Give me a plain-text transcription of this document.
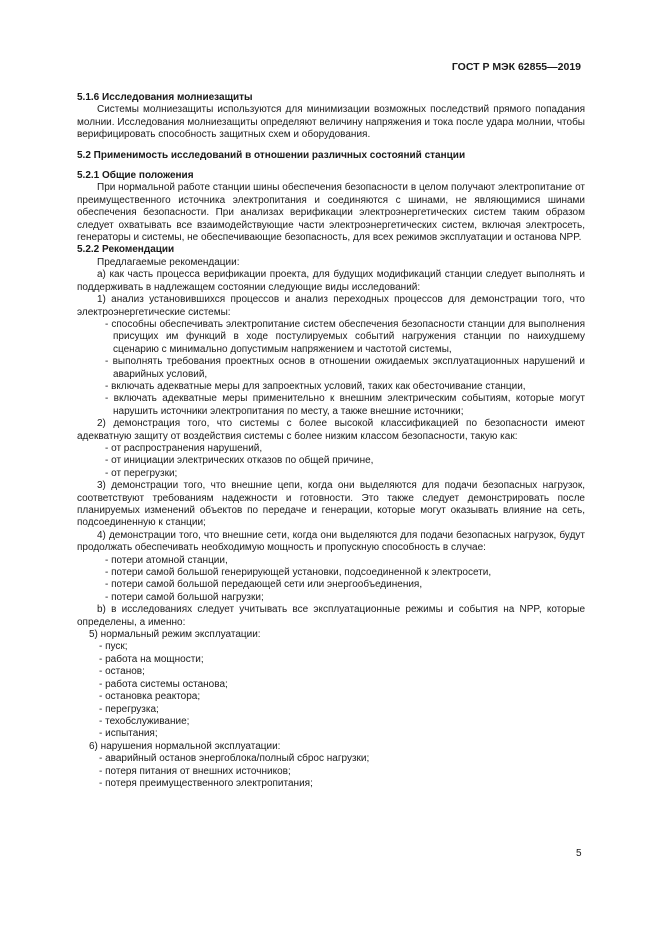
ГОСТ Р МЭК 62855—2019

5.1.6 Исследования молниезащиты

Системы молниезащиты используются для минимизации возможных последствий прямого попадания молнии. Исследования молниезащиты определяют величину напряжения и тока после удара молнии, чтобы верифицировать способность защитных схем и оборудования.

5.2 Применимость исследований в отношении различных состояний станции

5.2.1 Общие положения

При нормальной работе станции шины обеспечения безопасности в целом получают электропитание от преимущественного источника электропитания и соединяются с шинами, не являющимися шинами обеспечения безопасности. При анализах верификации электроэнергетических систем таким образом следует охватывать все взаимодействующие части электроэнергетических систем, включая электросеть, генераторы и системы, не обеспечивающие безопасность, для всех режимов эксплуатации и останова NPP.

5.2.2 Рекомендации

Предлагаемые рекомендации:

а) как часть процесса верификации проекта, для будущих модификаций станции следует выполнять и поддерживать в надлежащем состоянии следующие виды исследований:

1) анализ установившихся процессов и анализ переходных процессов для демонстрации того, что электроэнергетические системы:

- способны обеспечивать электропитание систем обеспечения безопасности станции для выполнения присущих им функций в ходе постулируемых событий нагружения станции по наихудшему сценарию с минимально допустимым напряжением и частотой системы,

- выполнять требования проектных основ в отношении ожидаемых эксплуатационных нарушений и аварийных условий,

- включать адекватные меры для запроектных условий, таких как обесточивание станции,

- включать адекватные меры применительно к внешним электрическим событиям, которые могут нарушить источники электропитания по месту, а также внешние источники;

2) демонстрация того, что системы с более высокой классификацией по безопасности имеют адекватную защиту от воздействия системы с более низким классом безопасности, такую как:

- от распространения нарушений,

- от инициации электрических отказов по общей причине,

- от перегрузки;

3) демонстрации того, что внешние цепи, когда они выделяются для подачи безопасных нагрузок, соответствуют требованиям надежности и готовности. Это также следует демонстрировать после планируемых изменений объектов по передаче и генерации, которые могут оказывать влияние на сеть, подсоединенную к станции;

4) демонстрации того, что внешние сети, когда они выделяются для подачи безопасных нагрузок, будут продолжать обеспечивать необходимую мощность и пропускную способность в случае:

- потери атомной станции,

- потери самой большой генерирующей установки, подсоединенной к электросети,

- потери самой большой передающей сети или энергообъединения,

- потери самой большой нагрузки;

b) в исследованиях следует учитывать все эксплуатационные режимы и события на NPP, которые определены, а именно:

5) нормальный режим эксплуатации:

- пуск;

- работа на мощности;

- останов;

- работа системы останова;

- остановка реактора;

- перегрузка;

- техобслуживание;

- испытания;

6) нарушения нормальной эксплуатации:

- аварийный останов энергоблока/полный сброс нагрузки;

- потеря питания от внешних источников;

- потеря преимущественного электропитания;

5
